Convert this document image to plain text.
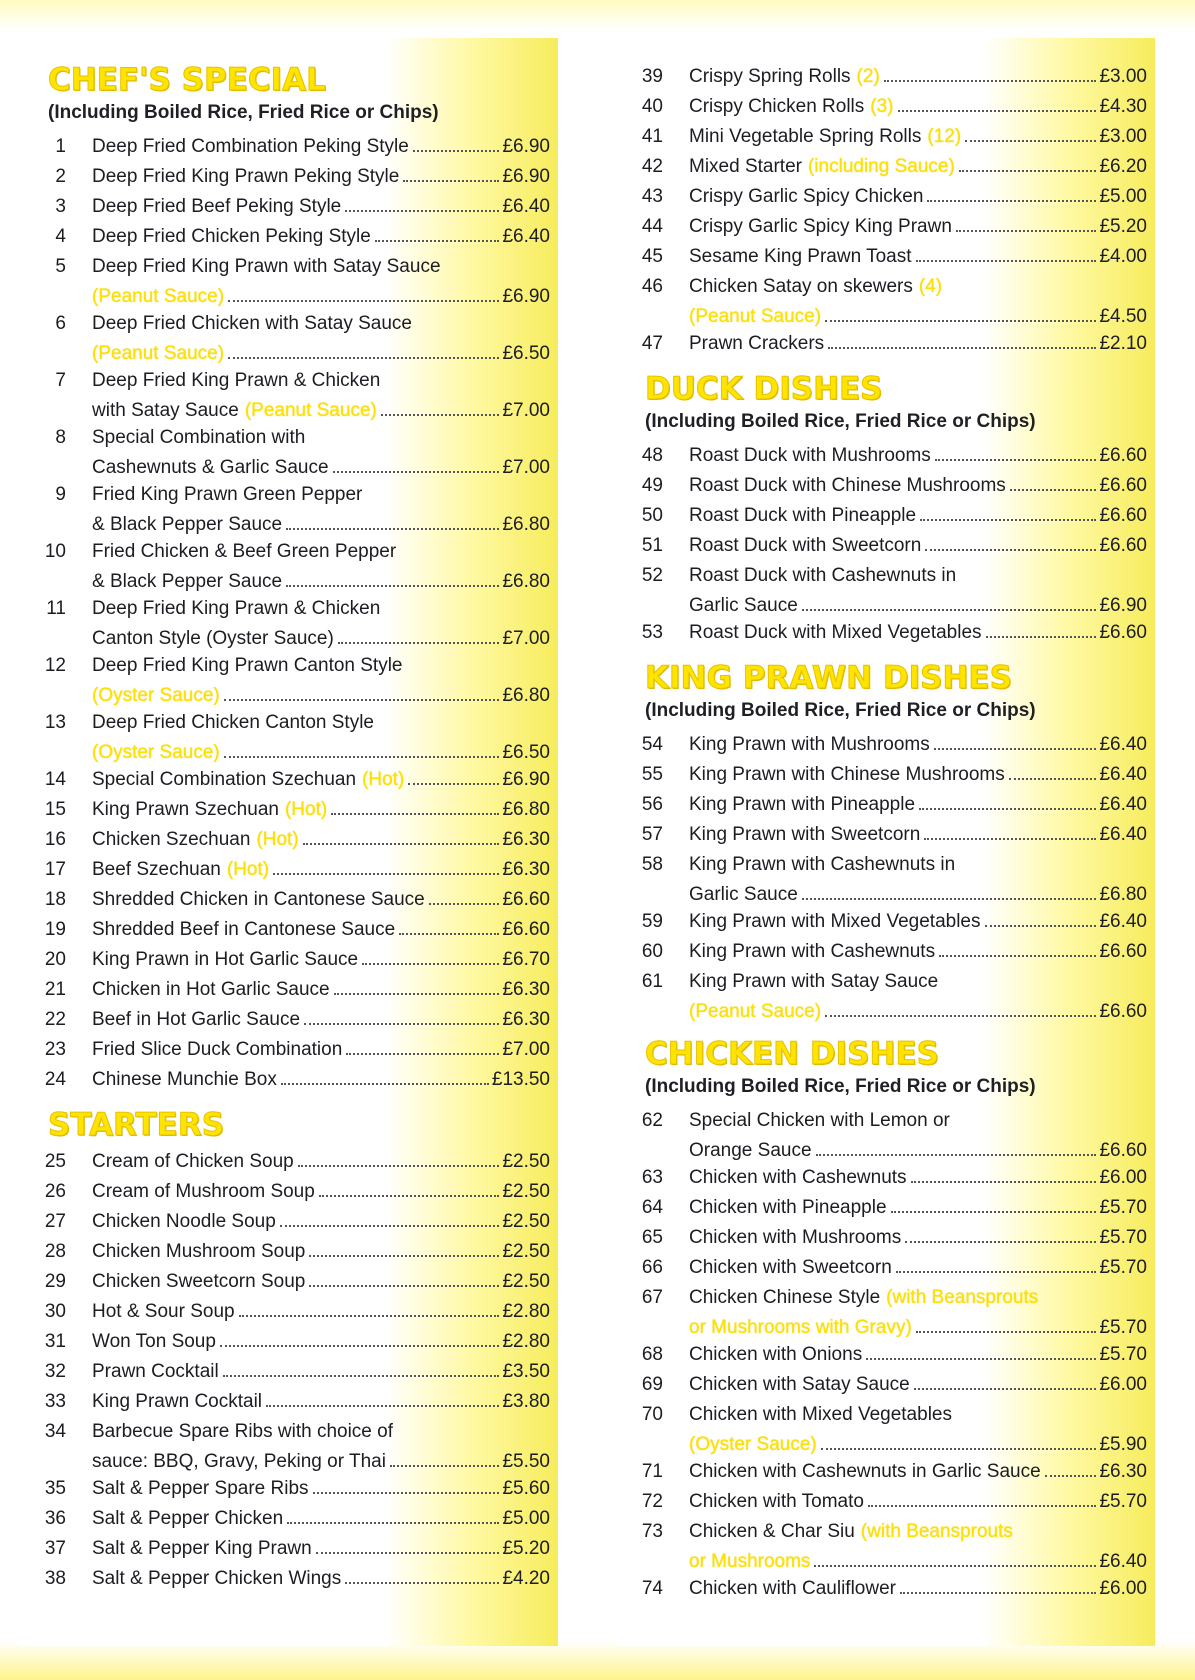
CHEF'S SPECIAL
(Including Boiled Rice, Fried Rice or Chips)
1 Deep Fried Combination Peking Style	£6.90
2 Deep Fried King Prawn Peking Style	£6.90
3 Deep Fried Beef Peking Style	£6.40
4 Deep Fried Chicken Peking Style	£6.40
5 Deep Fried King Prawn with Satay Sauce
(Peanut Sauce)	£6.90
6 Deep Fried Chicken with Satay Sauce
(Peanut Sauce)	£6.50
7 Deep Fried King Prawn & Chicken
with Satay Sauce (Peanut Sauce)	£7.00
8 Special Combination with
Cashewnuts & Garlic Sauce	£7.00
9 Fried King Prawn Green Pepper
& Black Pepper Sauce	£6.80
10 Fried Chicken & Beef Green Pepper
& Black Pepper Sauce	£6.80
11 Deep Fried King Prawn & Chicken
Canton Style (Oyster Sauce)	£7.00
12 Deep Fried King Prawn Canton Style
(Oyster Sauce)	£6.80
13 Deep Fried Chicken Canton Style
(Oyster Sauce)	£6.50
14 Special Combination Szechuan (Hot)	£6.90
15 King Prawn Szechuan (Hot)	£6.80
16 Chicken Szechuan (Hot)	£6.30
17 Beef Szechuan (Hot)	£6.30
18 Shredded Chicken in Cantonese Sauce	£6.60
19 Shredded Beef in Cantonese Sauce	£6.60
20 King Prawn in Hot Garlic Sauce	£6.70
21 Chicken in Hot Garlic Sauce	£6.30
22 Beef in Hot Garlic Sauce	£6.30
23 Fried Slice Duck Combination	£7.00
24 Chinese Munchie Box	£13.50
STARTERS
25 Cream of Chicken Soup	£2.50
26 Cream of Mushroom Soup	£2.50
27 Chicken Noodle Soup	£2.50
28 Chicken Mushroom Soup	£2.50
29 Chicken Sweetcorn Soup	£2.50
30 Hot & Sour Soup	£2.80
31 Won Ton Soup	£2.80
32 Prawn Cocktail	£3.50
33 King Prawn Cocktail	£3.80
34 Barbecue Spare Ribs with choice of
sauce: BBQ, Gravy, Peking or Thai	£5.50
35 Salt & Pepper Spare Ribs	£5.60
36 Salt & Pepper Chicken	£5.00
37 Salt & Pepper King Prawn	£5.20
38 Salt & Pepper Chicken Wings	£4.20
39 Crispy Spring Rolls (2)	£3.00
40 Crispy Chicken Rolls (3)	£4.30
41 Mini Vegetable Spring Rolls (12)	£3.00
42 Mixed Starter (including Sauce)	£6.20
43 Crispy Garlic Spicy Chicken	£5.00
44 Crispy Garlic Spicy King Prawn	£5.20
45 Sesame King Prawn Toast	£4.00
46 Chicken Satay on skewers (4)
(Peanut Sauce)	£4.50
47 Prawn Crackers	£2.10
DUCK DISHES
(Including Boiled Rice, Fried Rice or Chips)
48 Roast Duck with Mushrooms	£6.60
49 Roast Duck with Chinese Mushrooms	£6.60
50 Roast Duck with Pineapple	£6.60
51 Roast Duck with Sweetcorn	£6.60
52 Roast Duck with Cashewnuts in
Garlic Sauce	£6.90
53 Roast Duck with Mixed Vegetables	£6.60
KING PRAWN DISHES
(Including Boiled Rice, Fried Rice or Chips)
54 King Prawn with Mushrooms	£6.40
55 King Prawn with Chinese Mushrooms	£6.40
56 King Prawn with Pineapple	£6.40
57 King Prawn with Sweetcorn	£6.40
58 King Prawn with Cashewnuts in
Garlic Sauce	£6.80
59 King Prawn with Mixed Vegetables	£6.40
60 King Prawn with Cashewnuts	£6.60
61 King Prawn with Satay Sauce
(Peanut Sauce)	£6.60
CHICKEN DISHES
(Including Boiled Rice, Fried Rice or Chips)
62 Special Chicken with Lemon or
Orange Sauce	£6.60
63 Chicken with Cashewnuts	£6.00
64 Chicken with Pineapple	£5.70
65 Chicken with Mushrooms	£5.70
66 Chicken with Sweetcorn	£5.70
67 Chicken Chinese Style (with Beansprouts
or Mushrooms with Gravy)	£5.70
68 Chicken with Onions	£5.70
69 Chicken with Satay Sauce	£6.00
70 Chicken with Mixed Vegetables
(Oyster Sauce)	£5.90
71 Chicken with Cashewnuts in Garlic Sauce	£6.30
72 Chicken with Tomato	£5.70
73 Chicken & Char Siu (with Beansprouts
or Mushrooms	£6.40
74 Chicken with Cauliflower	£6.00
